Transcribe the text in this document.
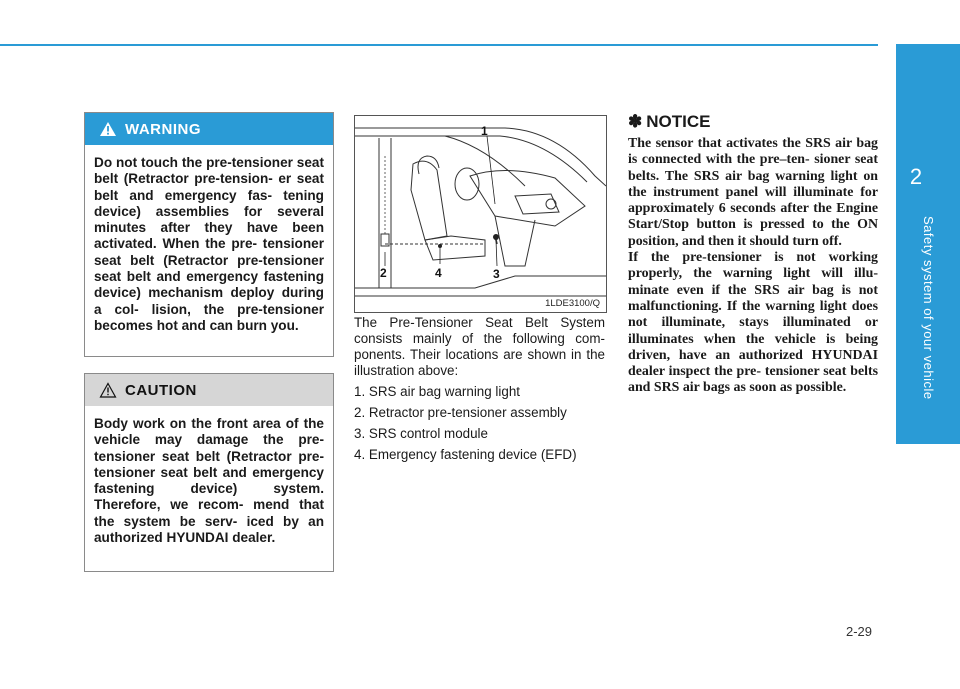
2
Safety system of your vehicle
WARNING
Do not touch the pre-tensioner seat belt (Retractor pre-tension- er seat belt and emergency fas- tening device) assemblies for several minutes after they have been activated. When the pre- tensioner seat belt (Retractor pre-tensioner seat belt and emergency fastening device) mechanism deploy during a col- lision, the pre-tensioner becomes hot and can burn you.
CAUTION
Body work on the front area of the vehicle may damage the pre- tensioner seat belt (Retractor pre-tensioner seat belt and emergency fastening device) system. Therefore, we recom- mend that the system be serv- iced by an authorized HYUNDAI dealer.
1
2	4	3
1LDE3100/Q

The Pre-Tensioner Seat Belt System consists mainly of the following com- ponents. Their locations are shown in the illustration above:

1. SRS air bag warning light
2. Retractor pre-tensioner assembly
3. SRS control module
4. Emergency fastening device (EFD)
✽ NOTICE

The sensor that activates the SRS air bag is connected with the pre–ten- sioner seat belts. The SRS air bag warning light on the instrument panel will illuminate for approximately 6 seconds after the Engine Start/Stop button is pressed to the ON position, and then it should turn off.

If the pre-tensioner is not working properly, the warning light will illu- minate even if the SRS air bag is not malfunctioning. If the warning light does not illuminate, stays illuminated or illuminates when the vehicle is being driven, have an authorized HYUNDAI dealer inspect the pre- tensioner seat belts and SRS air bags as soon as possible.

2-29
